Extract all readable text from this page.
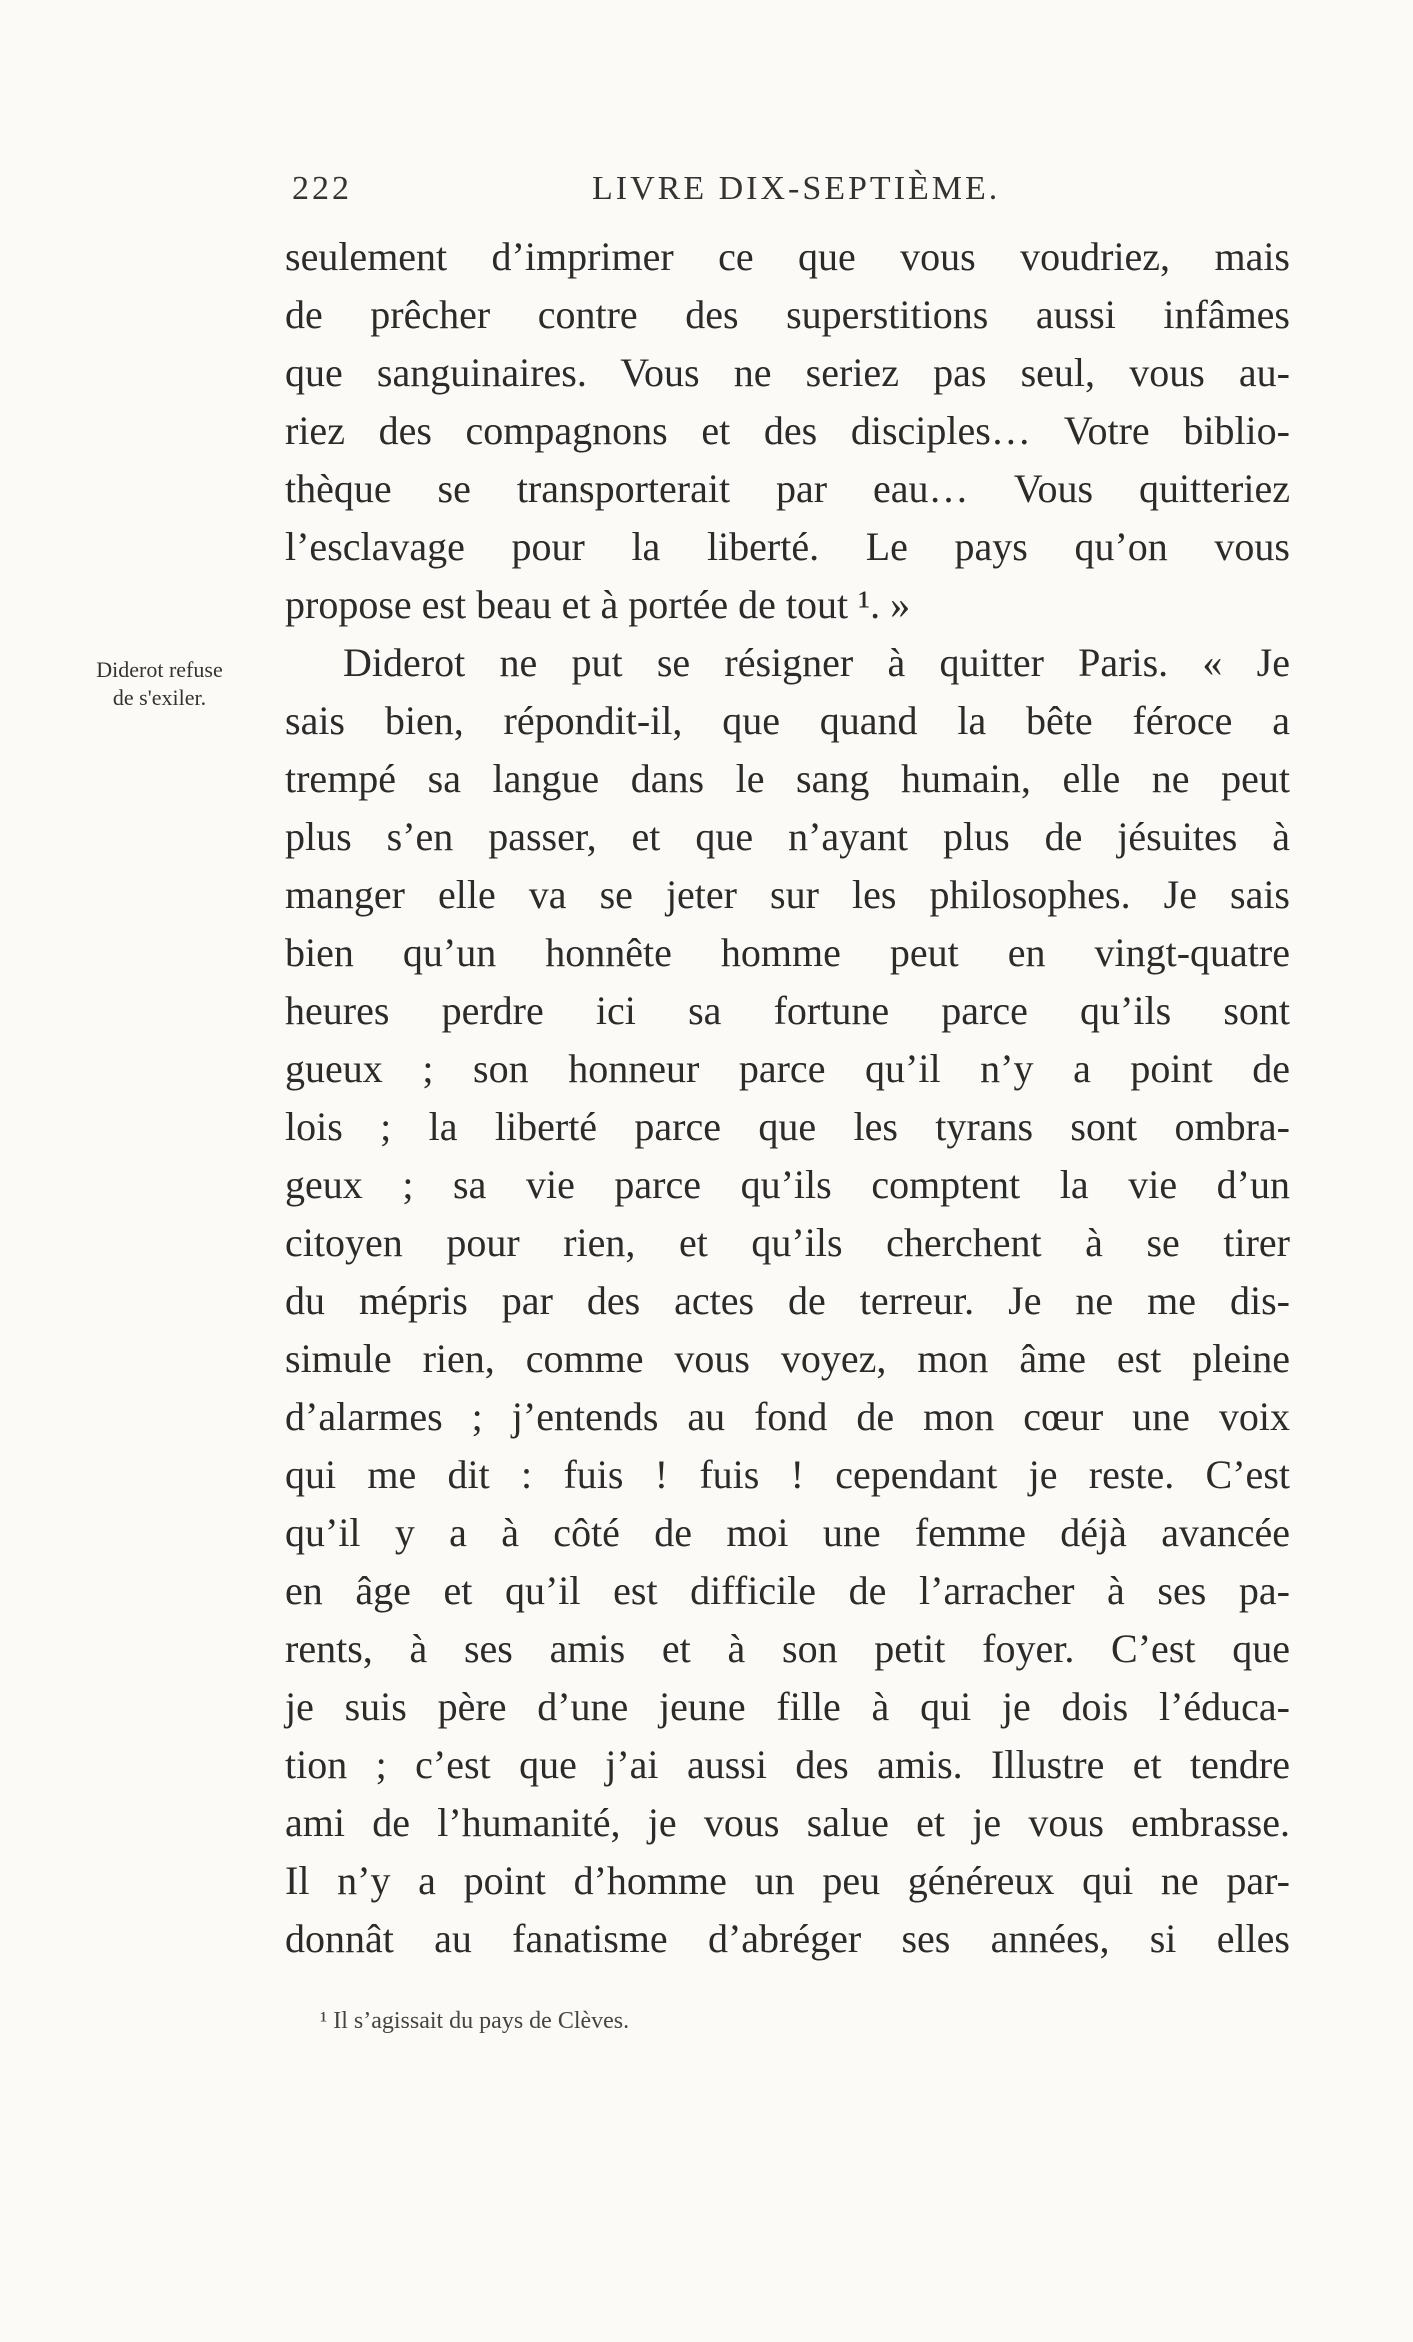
222	LIVRE DIX-SEPTIÈME.
Diderot refuse
de s'exiler.
seulement d’imprimer ce que vous voudriez, mais
de prêcher contre des superstitions aussi infâmes
que sanguinaires. Vous ne seriez pas seul, vous au-
riez des compagnons et des disciples… Votre biblio-
thèque se transporterait par eau… Vous quitteriez
l’esclavage pour la liberté. Le pays qu’on vous
propose est beau et à portée de tout ¹. »
Diderot ne put se résigner à quitter Paris. « Je
sais bien, répondit-il, que quand la bête féroce a
trempé sa langue dans le sang humain, elle ne peut
plus s’en passer, et que n’ayant plus de jésuites à
manger elle va se jeter sur les philosophes. Je sais
bien qu’un honnête homme peut en vingt-quatre
heures perdre ici sa fortune parce qu’ils sont
gueux ; son honneur parce qu’il n’y a point de
lois ; la liberté parce que les tyrans sont ombra-
geux ; sa vie parce qu’ils comptent la vie d’un
citoyen pour rien, et qu’ils cherchent à se tirer
du mépris par des actes de terreur. Je ne me dis-
simule rien, comme vous voyez, mon âme est pleine
d’alarmes ; j’entends au fond de mon cœur une voix
qui me dit : fuis ! fuis ! cependant je reste. C’est
qu’il y a à côté de moi une femme déjà avancée
en âge et qu’il est difficile de l’arracher à ses pa-
rents, à ses amis et à son petit foyer. C’est que
je suis père d’une jeune fille à qui je dois l’éduca-
tion ; c’est que j’ai aussi des amis. Illustre et tendre
ami de l’humanité, je vous salue et je vous embrasse.
Il n’y a point d’homme un peu généreux qui ne par-
donnât au fanatisme d’abréger ses années, si elles
¹ Il s’agissait du pays de Clèves.
